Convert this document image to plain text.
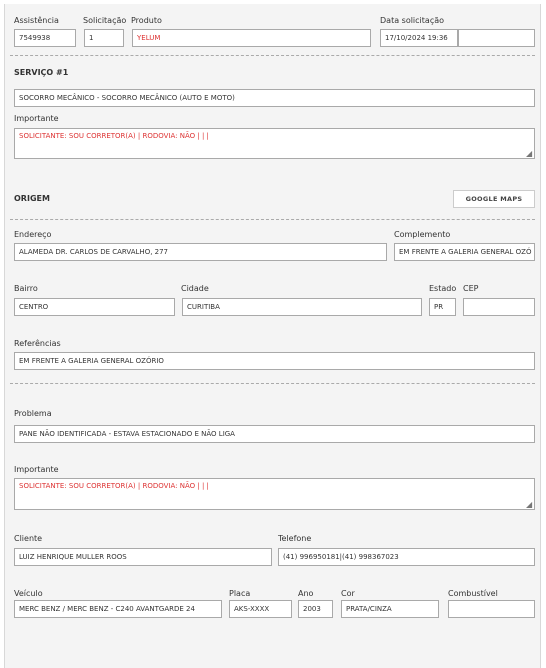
Assistência
7549938
Solicitação
1
Produto
YELUM
Data solicitação
17/10/2024 19:36
SERVIÇO #1
SOCORRO MECÂNICO - SOCORRO MECÂNICO (AUTO E MOTO)
Importante
SOLICITANTE: SOU CORRETOR(A) | RODOVIA: NÃO | | |
◢
ORIGEM	GOOGLE MAPS
Endereço
ALAMEDA DR. CARLOS DE CARVALHO, 277
Complemento
EM FRENTE A GALERIA GENERAL OZÓ
Bairro
CENTRO
Cidade
CURITIBA
Estado
PR
CEP
Referências
EM FRENTE A GALERIA GENERAL OZÓRIO
Problema
PANE NÃO IDENTIFICADA - ESTAVA ESTACIONADO E NÃO LIGA
Importante
SOLICITANTE: SOU CORRETOR(A) | RODOVIA: NÃO | | |
◢
Cliente
LUIZ HENRIQUE MULLER ROOS
Telefone
(41) 996950181|(41) 998367023
Veículo
MERC BENZ / MERC BENZ - C240 AVANTGARDE 24
Placa
AKS-XXXX
Ano
2003
Cor
PRATA/CINZA
Combustível
